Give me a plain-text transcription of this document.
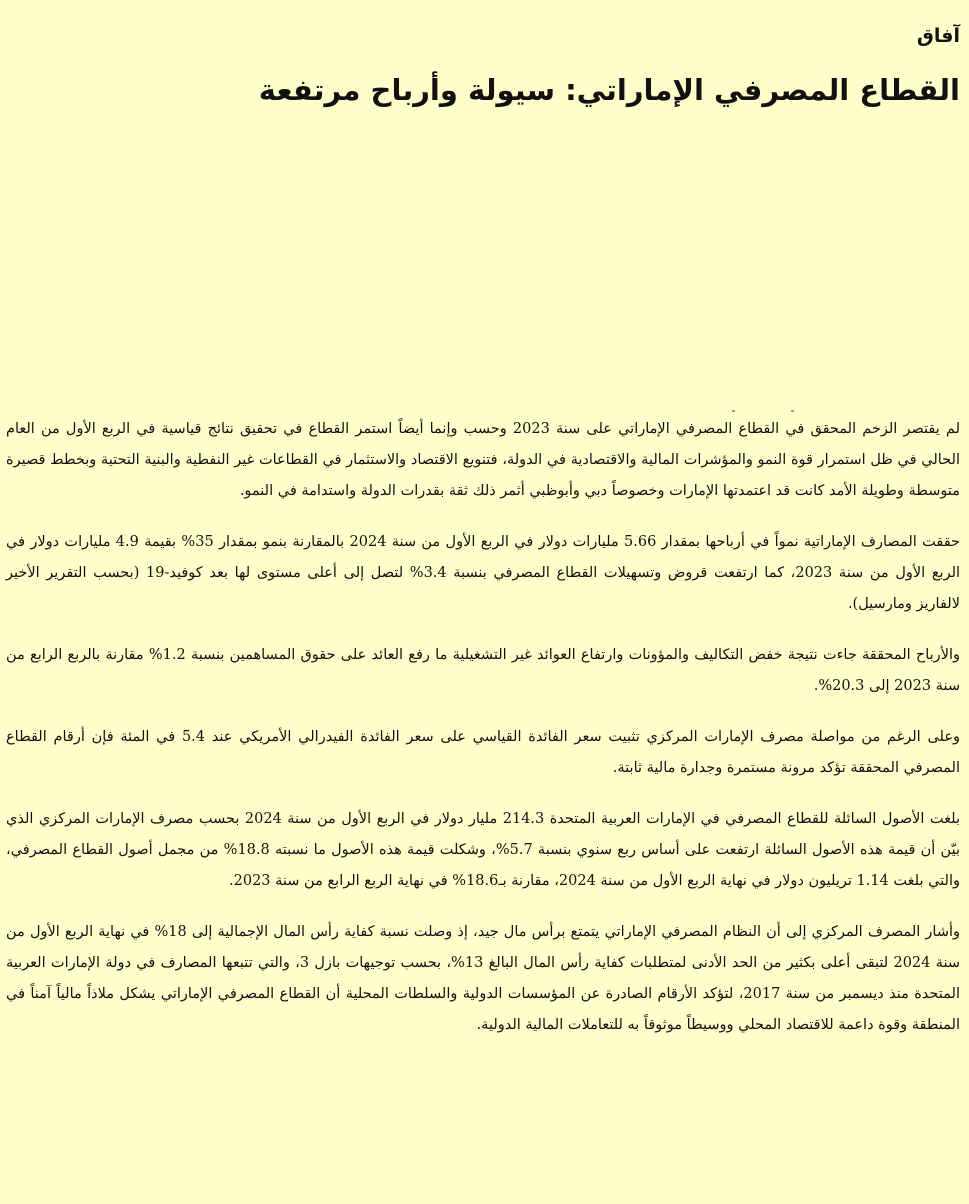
آفاق
القطاع المصرفي الإماراتي: سيولة وأرباح مرتفعة

لم يقتصر الزخم المحقق في القطاع المصرفي الإماراتي على سنة 2023 وحسب وإنما أيضاً استمر القطاع في تحقيق نتائج قياسية في الربع الأول من العام الحالي في ظل استمرار قوة النمو والمؤشرات المالية والاقتصادية في الدولة، فتنويع الاقتصاد والاستثمار في القطاعات غير النفطية والبنية التحتية وبخطط قصيرة متوسطة وطويلة الأمد كانت قد اعتمدتها الإمارات وخصوصاً دبي وأبوظبي أثمر ذلك ثقة بقدرات الدولة واستدامة في النمو.

حققت المصارف الإماراتية نمواً في أرباحها بمقدار 5.66 مليارات دولار في الربع الأول من سنة 2024 بالمقارنة بنمو بمقدار 35% بقيمة 4.9 مليارات دولار في الربع الأول من سنة 2023، كما ارتفعت قروض وتسهيلات القطاع المصرفي بنسبة 3.4% لتصل إلى أعلى مستوى لها بعد كوفيد-19 (بحسب التقرير الأخير لالفاريز ومارسيل).

والأرباح المحققة جاءت نتيجة خفض التكاليف والمؤونات وارتفاع العوائد غير التشغيلية ما رفع العائد على حقوق المساهمين بنسبة 1.2% مقارنة بالربع الرابع من سنة 2023 إلى 20.3%.

وعلى الرغم من مواصلة مصرف الإمارات المركزي تثبيت سعر الفائدة القياسي على سعر الفائدة الفيدرالي الأمريكي عند 5.4 في المئة فإن أرقام القطاع المصرفي المحققة تؤكد مرونة مستمرة وجدارة مالية ثابتة.

بلغت الأصول السائلة للقطاع المصرفي في الإمارات العربية المتحدة 214.3 مليار دولار في الربع الأول من سنة 2024 بحسب مصرف الإمارات المركزي الذي بيّن أن قيمة هذه الأصول السائلة ارتفعت على أساس ربع سنوي بنسبة 5.7%، وشكلت قيمة هذه الأصول ما نسبته 18.8% من مجمل أصول القطاع المصرفي، والتي بلغت 1.14 تريليون دولار في نهاية الربع الأول من سنة 2024، مقارنة بـ18.6% في نهاية الربع الرابع من سنة 2023.

وأشار المصرف المركزي إلى أن النظام المصرفي الإماراتي يتمتع برأس مال جيد، إذ وصلت نسبة كفاية رأس المال الإجمالية إلى 18% في نهاية الربع الأول من سنة 2024 لتبقى أعلى بكثير من الحد الأدنى لمتطلبات كفاية رأس المال البالغ 13%، بحسب توجيهات بازل 3، والتي تتبعها المصارف في دولة الإمارات العربية المتحدة منذ ديسمبر من سنة 2017، لتؤكد الأرقام الصادرة عن المؤسسات الدولية والسلطات المحلية أن القطاع المصرفي الإماراتي يشكل ملاذاً مالياً آمناً في المنطقة وقوة داعمة للاقتصاد المحلي ووسيطاً موثوقاً به للتعاملات المالية الدولية.
